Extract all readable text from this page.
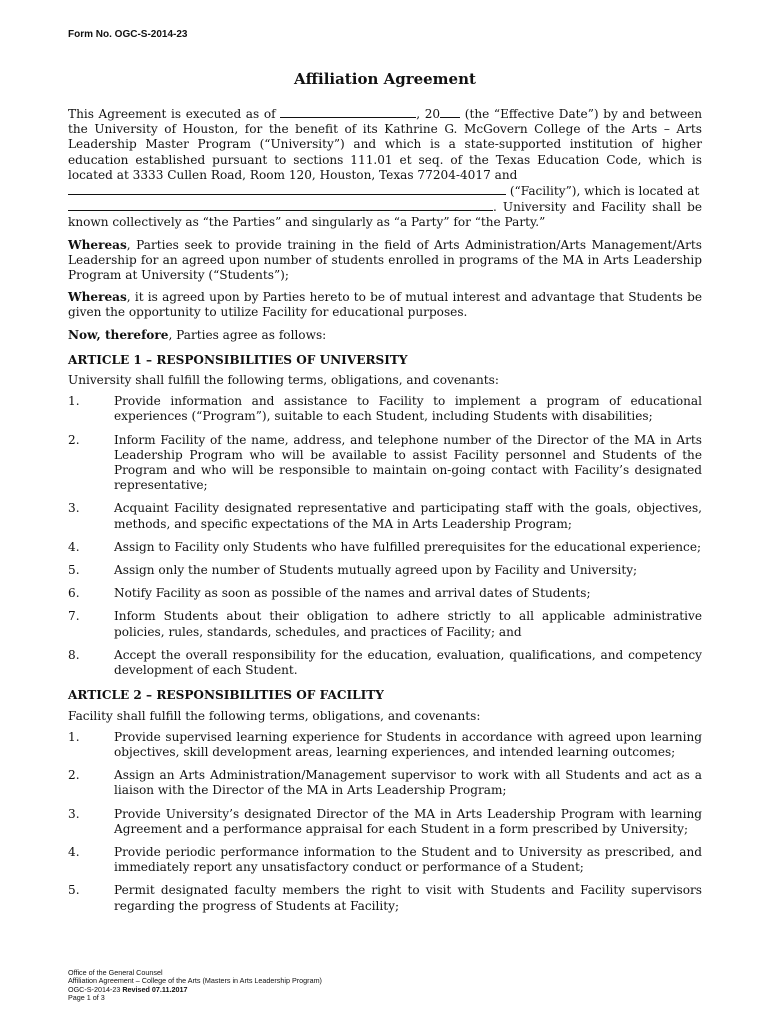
Form No. OGC-S-2014-23
Affiliation Agreement

This Agreement is executed as of	, 20 (the “Effective Date”) by and between the University of Houston, for the benefit of its Kathrine G. McGovern College of the Arts – Arts Leadership Master Program (“University”) and which is a state-supported institution of higher education established pursuant to sections 111.01 et seq. of the Texas Education Code, which is located at 3333 Cullen Road, Room 120, Houston, Texas 77204-4017 and
(“Facility”), which is located at
. University and Facility shall be known collectively as “the Parties” and singularly as “a Party” for “the Party.”

Whereas, Parties seek to provide training in the field of Arts Administration/Arts Management/Arts Leadership for an agreed upon number of students enrolled in programs of the MA in Arts Leadership Program at University (“Students”);

Whereas, it is agreed upon by Parties hereto to be of mutual interest and advantage that Students be given the opportunity to utilize Facility for educational purposes.

Now, therefore, Parties agree as follows:

ARTICLE 1 – RESPONSIBILITIES OF UNIVERSITY
University shall fulfill the following terms, obligations, and covenants:
1.	Provide information and assistance to Facility to implement a program of educational experiences (“Program”), suitable to each Student, including Students with disabilities;
2.	Inform Facility of the name, address, and telephone number of the Director of the MA in Arts Leadership Program who will be available to assist Facility personnel and Students of the Program and who will be responsible to maintain on-going contact with Facility’s designated representative;
3.	Acquaint Facility designated representative and participating staff with the goals, objectives, methods, and specific expectations of the MA in Arts Leadership Program;
4.	Assign to Facility only Students who have fulfilled prerequisites for the educational experience;
5.	Assign only the number of Students mutually agreed upon by Facility and University;
6.	Notify Facility as soon as possible of the names and arrival dates of Students;
7.	Inform Students about their obligation to adhere strictly to all applicable administrative policies, rules, standards, schedules, and practices of Facility; and
8.	Accept the overall responsibility for the education, evaluation, qualifications, and competency development of each Student.
ARTICLE 2 – RESPONSIBILITIES OF FACILITY
Facility shall fulfill the following terms, obligations, and covenants:
1.	Provide supervised learning experience for Students in accordance with agreed upon learning objectives, skill development areas, learning experiences, and intended learning outcomes;
2.	Assign an Arts Administration/Management supervisor to work with all Students and act as a liaison with the Director of the MA in Arts Leadership Program;
3.	Provide University’s designated Director of the MA in Arts Leadership Program with learning Agreement and a performance appraisal for each Student in a form prescribed by University;
4.	Provide periodic performance information to the Student and to University as prescribed, and immediately report any unsatisfactory conduct or performance of a Student;
5.	Permit designated faculty members the right to visit with Students and Facility supervisors regarding the progress of Students at Facility;
Office of the General Counsel
Affiliation Agreement – College of the Arts (Masters in Arts Leadership Program)
OGC-S-2014-23 Revised 07.11.2017
Page 1 of 3
